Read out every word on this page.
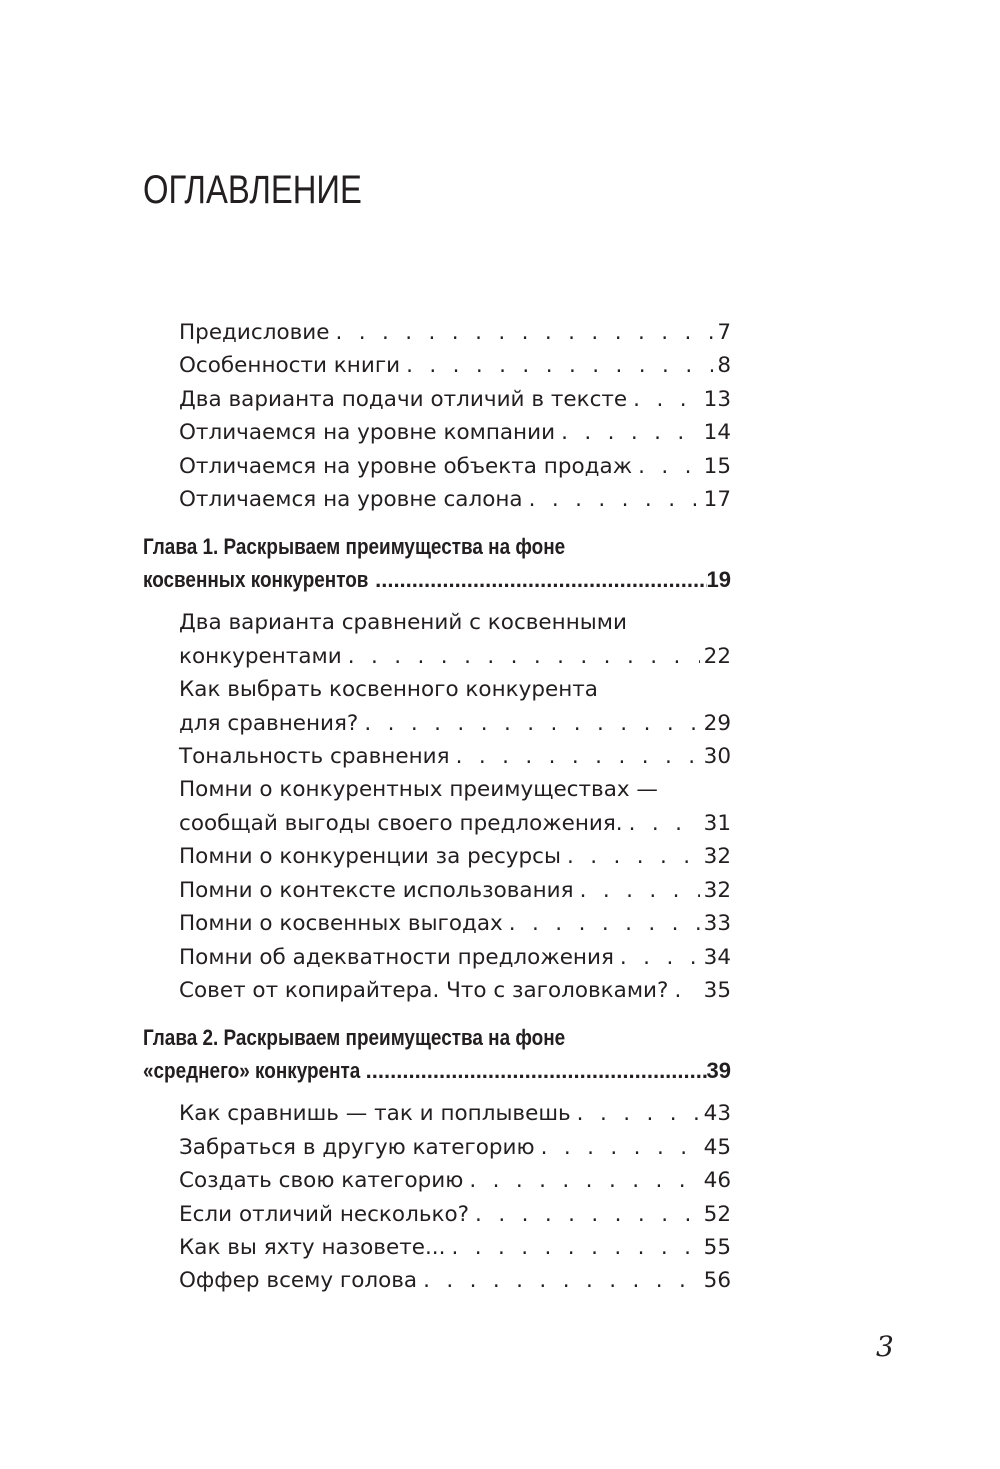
ОГЛАВЛЕНИЕ
Предисловие . . .	7
Особенности книги . . .	8
Два варианта подачи отличий в тексте . . .	13
Отличаемся на уровне компании . . .	14
Отличаемся на уровне объекта продаж . . .	15
Отличаемся на уровне салона . . .	17
Глава 1. Раскрываем преимущества на фоне
косвенных конкурентов .....	19
Два варианта сравнений с косвенными
конкурентами . . .	22
Как выбрать косвенного конкурента
для сравнения? . . .	29
Тональность сравнения . . .	30
Помни о конкурентных преимуществах —
сообщай выгоды своего предложения. . . .	31
Помни о конкуренции за ресурсы . . .	32
Помни о контексте использования . . .	32
Помни о косвенных выгодах . . .	33
Помни об адекватности предложения . . .	34
Совет от копирайтера. Что с заголовками? . . . 35
Глава 2. Раскрываем преимущества на фоне
«среднего» конкурента .....	39
Как сравнишь — так и поплывешь . . .	43
Забраться в другую категорию . . .	45
Создать свою категорию . . .	46
Если отличий несколько? . . .	52
Как вы яхту назовете... . . .	55
Оффер всему голова . . .	56
3
